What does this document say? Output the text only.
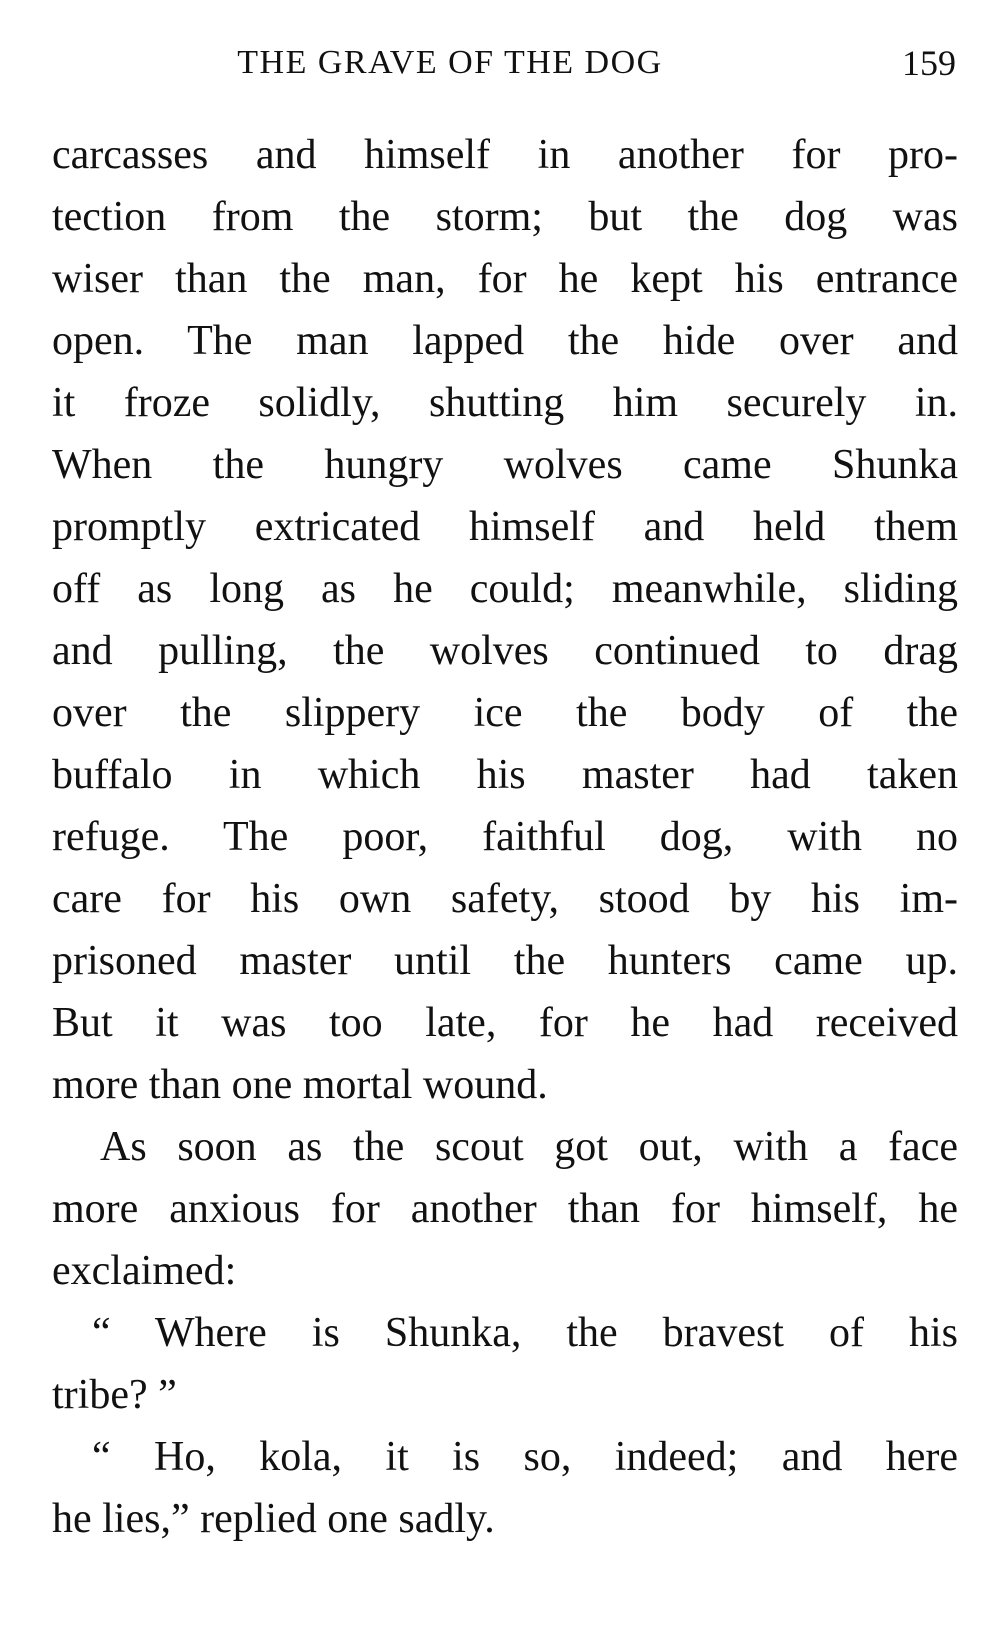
THE GRAVE OF THE DOG	159
carcasses and himself in another for pro-
tection from the storm; but the dog was
wiser than the man, for he kept his entrance
open. The man lapped the hide over and
it froze solidly, shutting him securely in.
When the hungry wolves came Shunka
promptly extricated himself and held them
off as long as he could; meanwhile, sliding
and pulling, the wolves continued to drag
over the slippery ice the body of the
buffalo in which his master had taken
refuge. The poor, faithful dog, with no
care for his own safety, stood by his im-
prisoned master until the hunters came up.
But it was too late, for he had received
more than one mortal wound.
As soon as the scout got out, with a face
more anxious for another than for himself, he
exclaimed:
“ Where is Shunka, the bravest of his
tribe? ”
“ Ho, kola, it is so, indeed; and here
he lies,” replied one sadly.
